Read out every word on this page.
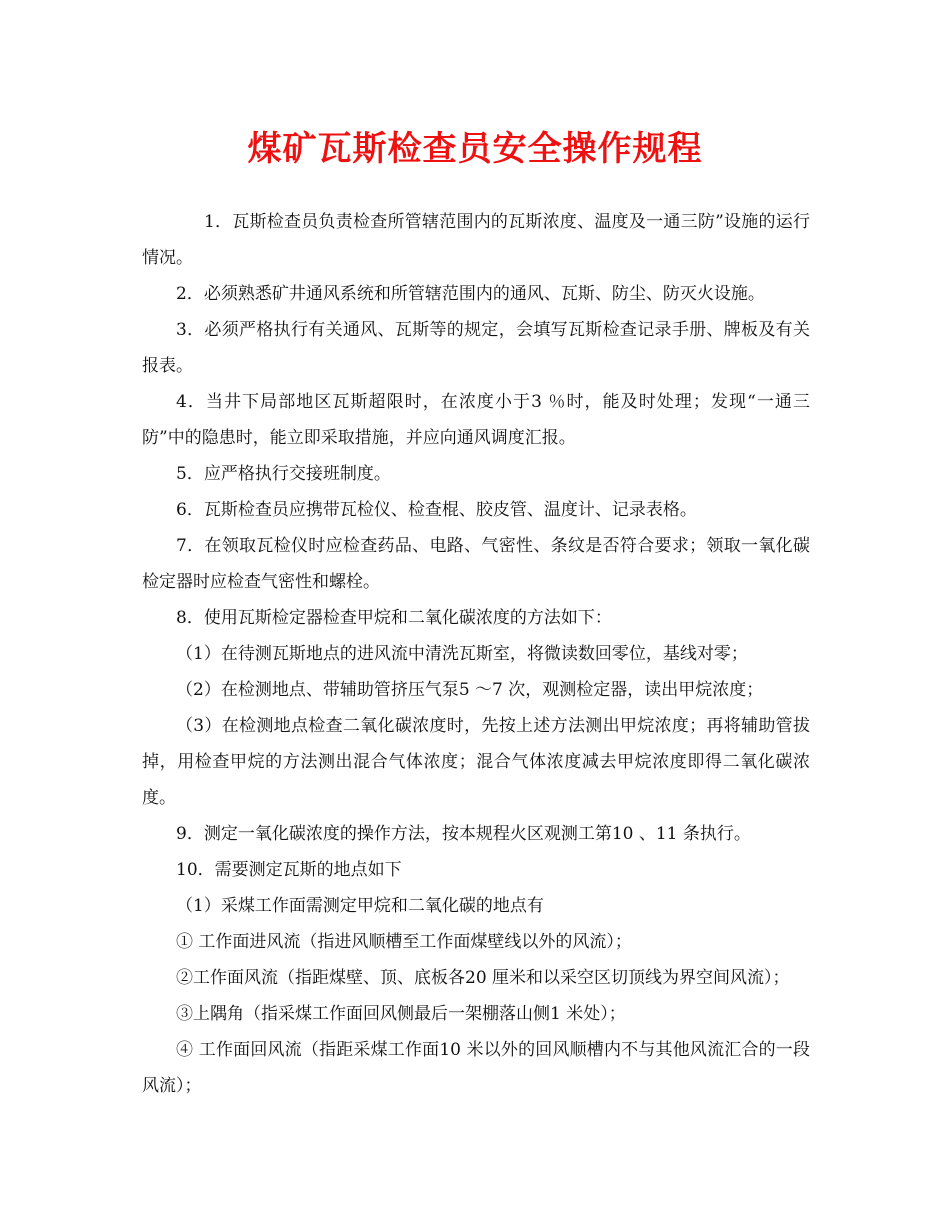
煤矿瓦斯检查员安全操作规程

1．瓦斯检查员负责检查所管辖范围内的瓦斯浓度、温度及一通三防”设施的运行情况。

2．必须熟悉矿井通风系统和所管辖范围内的通风、瓦斯、防尘、防灭火设施。

3．必须严格执行有关通风、瓦斯等的规定，会填写瓦斯检查记录手册、牌板及有关报表。

4．当井下局部地区瓦斯超限时，在浓度小于3 ％时，能及时处理；发现“一通三防”中的隐患时，能立即采取措施，并应向通风调度汇报。

5．应严格执行交接班制度。

6．瓦斯检查员应携带瓦检仪、检查棍、胶皮管、温度计、记录表格。

7．在领取瓦检仪时应检查药品、电路、气密性、条纹是否符合要求；领取一氧化碳检定器时应检查气密性和螺栓。

8．使用瓦斯检定器检查甲烷和二氧化碳浓度的方法如下：

（1）在待测瓦斯地点的进风流中清洗瓦斯室，将微读数回零位，基线对零；

（2）在检测地点、带辅助管挤压气泵5 ～7 次，观测检定器，读出甲烷浓度；

（3）在检测地点检查二氧化碳浓度时，先按上述方法测出甲烷浓度；再将辅助管拔掉，用检查甲烷的方法测出混合气体浓度；混合气体浓度减去甲烷浓度即得二氧化碳浓度。

9．测定一氧化碳浓度的操作方法，按本规程火区观测工第10 、11 条执行。

10．需要测定瓦斯的地点如下

（1）采煤工作面需测定甲烷和二氧化碳的地点有

① 工作面进风流（指进风顺槽至工作面煤壁线以外的风流）；

②工作面风流（指距煤壁、顶、底板各20 厘米和以采空区切顶线为界空间风流）；

③上隅角（指采煤工作面回风侧最后一架棚落山侧1 米处）；

④ 工作面回风流（指距采煤工作面10 米以外的回风顺槽内不与其他风流汇合的一段风流）；
